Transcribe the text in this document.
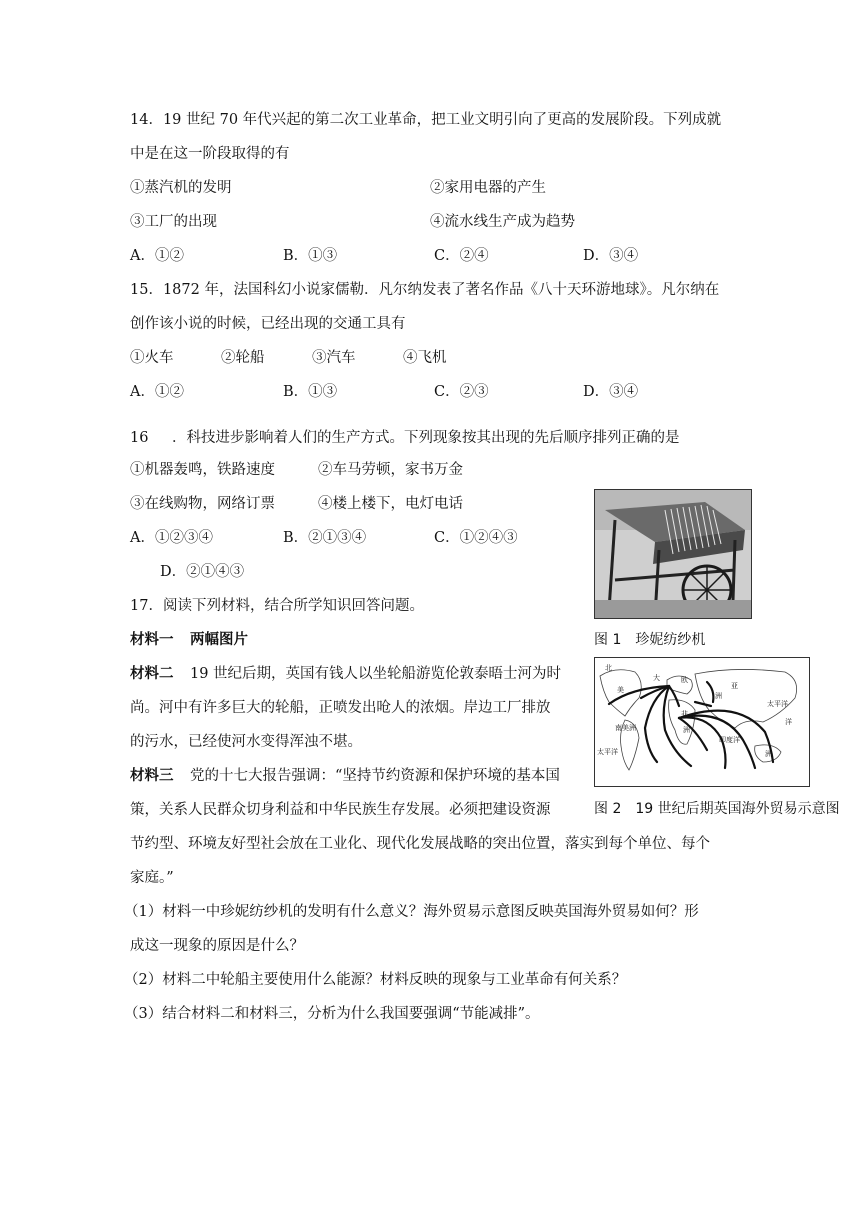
14．19 世纪 70 年代兴起的第二次工业革命，把工业文明引向了更高的发展阶段。下列成就
中是在这一阶段取得的有
①蒸汽机的发明	②家用电器的产生
③工厂的出现	④流水线生产成为趋势
A．①②	B．①③	C．②④	D．③④
15．1872 年，法国科幻小说家儒勒．凡尔纳发表了著名作品《八十天环游地球》。凡尔纳在
创作该小说的时候，已经出现的交通工具有
①火车	②轮船	③汽车	④飞机
A．①②	B．①③	C．②③	D．③④
16 ．科技进步影响着人们的生产方式。下列现象按其出现的先后顺序排列正确的是
①机器轰鸣，铁路速度	②车马劳顿，家书万金
③在线购物，网络订票	④楼上楼下，电灯电话
A．①②③④	B．②①③④	C．①②④③
D．②①④③
17．阅读下列材料，结合所学知识回答问题。
材料一 两幅图片
材料二 19 世纪后期，英国有钱人以坐轮船游览伦敦泰晤士河为时
尚。河中有许多巨大的轮船，正喷发出呛人的浓烟。岸边工厂排放
的污水，已经使河水变得浑浊不堪。
材料三 党的十七大报告强调：“坚持节约资源和保护环境的基本国
策，关系人民群众切身利益和中华民族生存发展。必须把建设资源
节约型、环境友好型社会放在工业化、现代化发展战略的突出位置，落实到每个单位、每个
家庭。”
（1）材料一中珍妮纺纱机的发明有什么意义？海外贸易示意图反映英国海外贸易如何？形
成这一现象的原因是什么？
（2）材料二中轮船主要使用什么能源？材料反映的现象与工业革命有何关系？
（3）结合材料二和材料三，分析为什么我国要强调“节能减排”。
图 1　珍妮纺纱机
北
美
大	欧
非
亚
太平洋
南美洲
太平洋
洲
印度洋
洲
洋
洲
图 2　19 世纪后期英国海外贸易示意图
